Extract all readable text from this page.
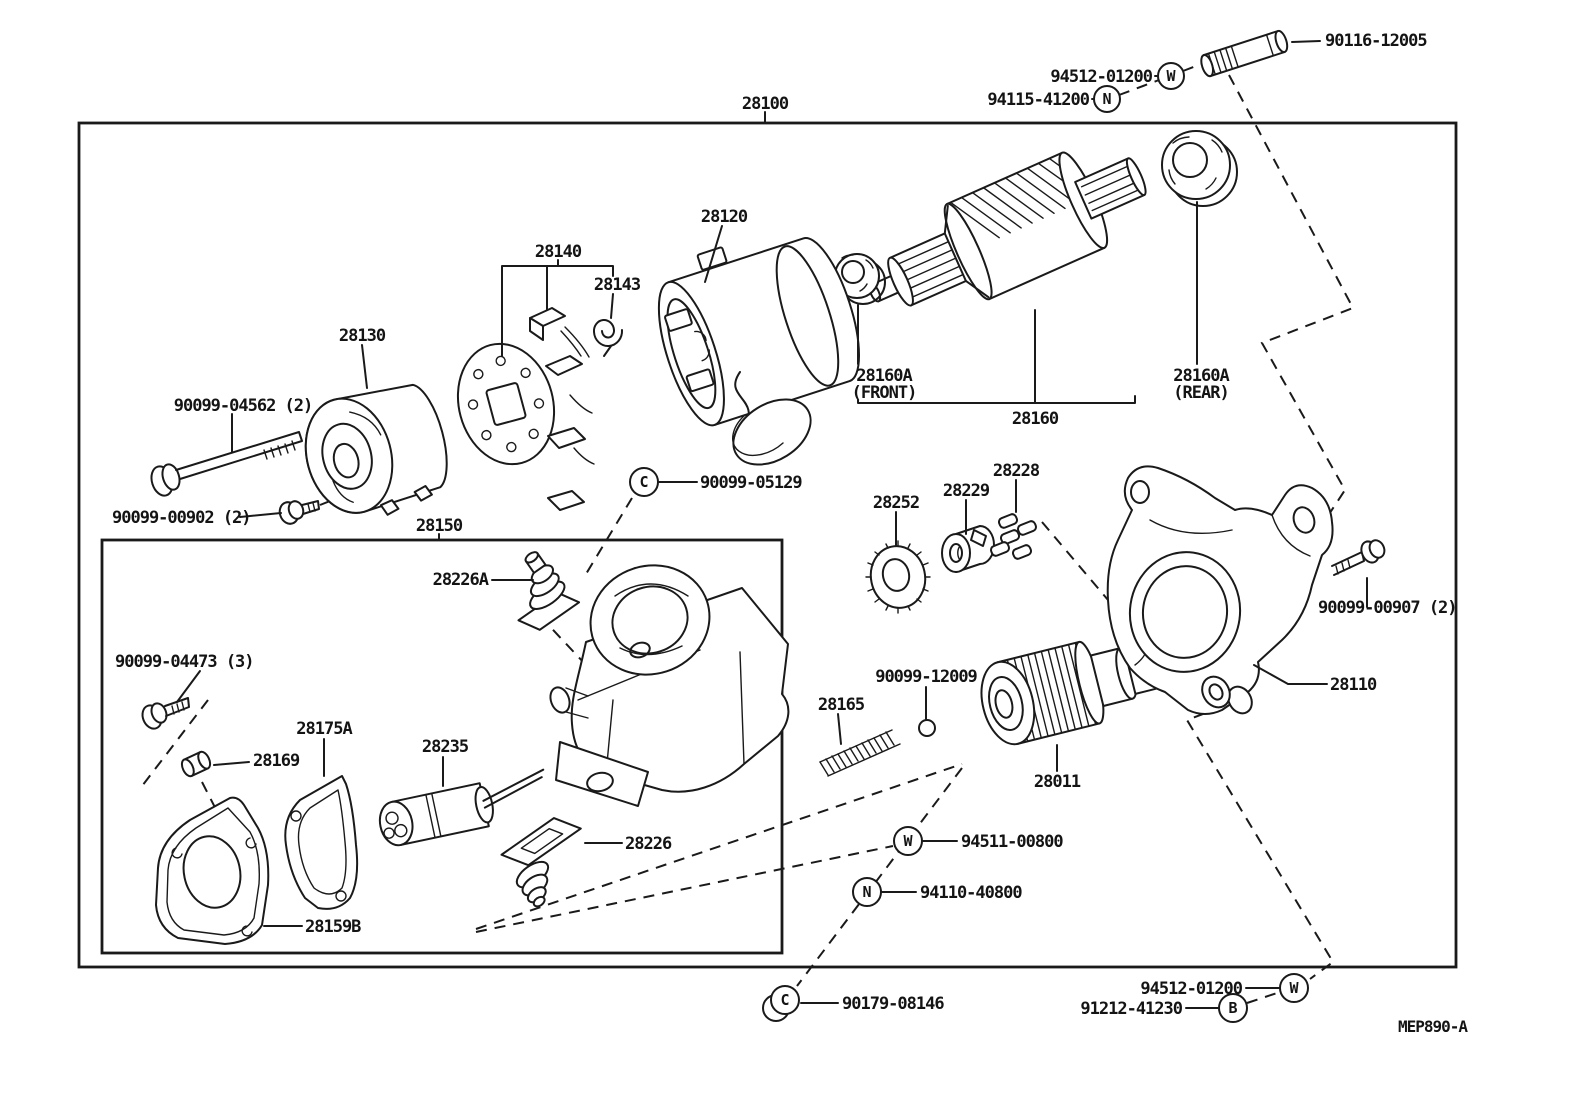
W
N
C
W
N
C
W
B
28100
90116-12005
94512-01200
94115-41200
28120
28140
28143
28130
90099-04562 (2)
90099-00902 (2)	28150
90099-05129
28226A
28160A
(FRONT)
28160
28160A
(REAR)
28252
28229
28228
90099-04473 (3)
28169
28175A
28235
28226
28159B
28165
90099-12009
28011
94511-00800
94110-40800
90179-08146
90099-00907 (2)
28110
94512-01200
91212-41230
MEP890-A
